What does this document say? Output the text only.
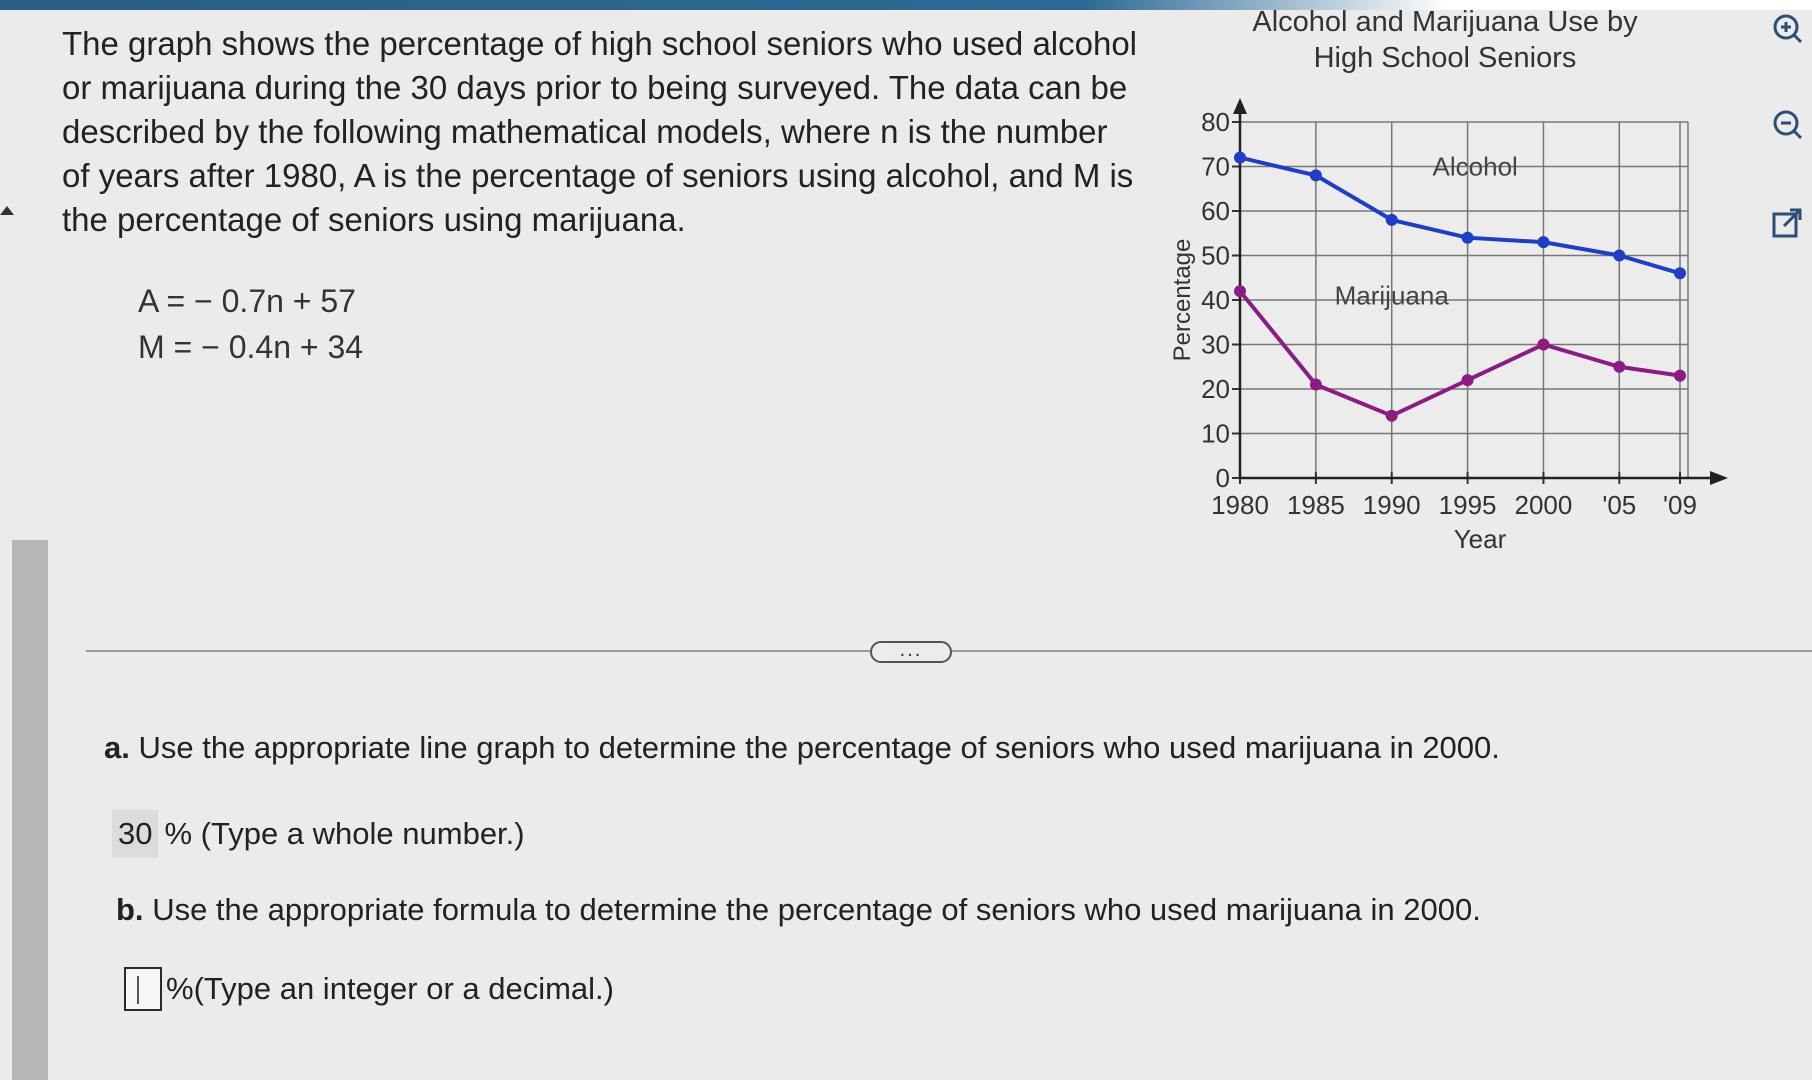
The graph shows the percentage of high school seniors who used alcohol or marijuana during the 30 days prior to being surveyed. The data can be described by the following mathematical models, where n is the number of years after 1980, A is the percentage of seniors using alcohol, and M is the percentage of seniors using marijuana.

A = − 0.7n + 57
M = − 0.4n + 34
Alcohol and Marijuana Use by
High School Seniors
0
10
20
30
40
50
60
70
80
1980 1985 1990 1995 2000 '05 '09
Alcohol
Marijuana
Percentage
Year
...
a. Use the appropriate line graph to determine the percentage of seniors who used marijuana in 2000.
30 % (Type a whole number.)
b. Use the appropriate formula to determine the percentage of seniors who used marijuana in 2000.
%(Type an integer or a decimal.)
